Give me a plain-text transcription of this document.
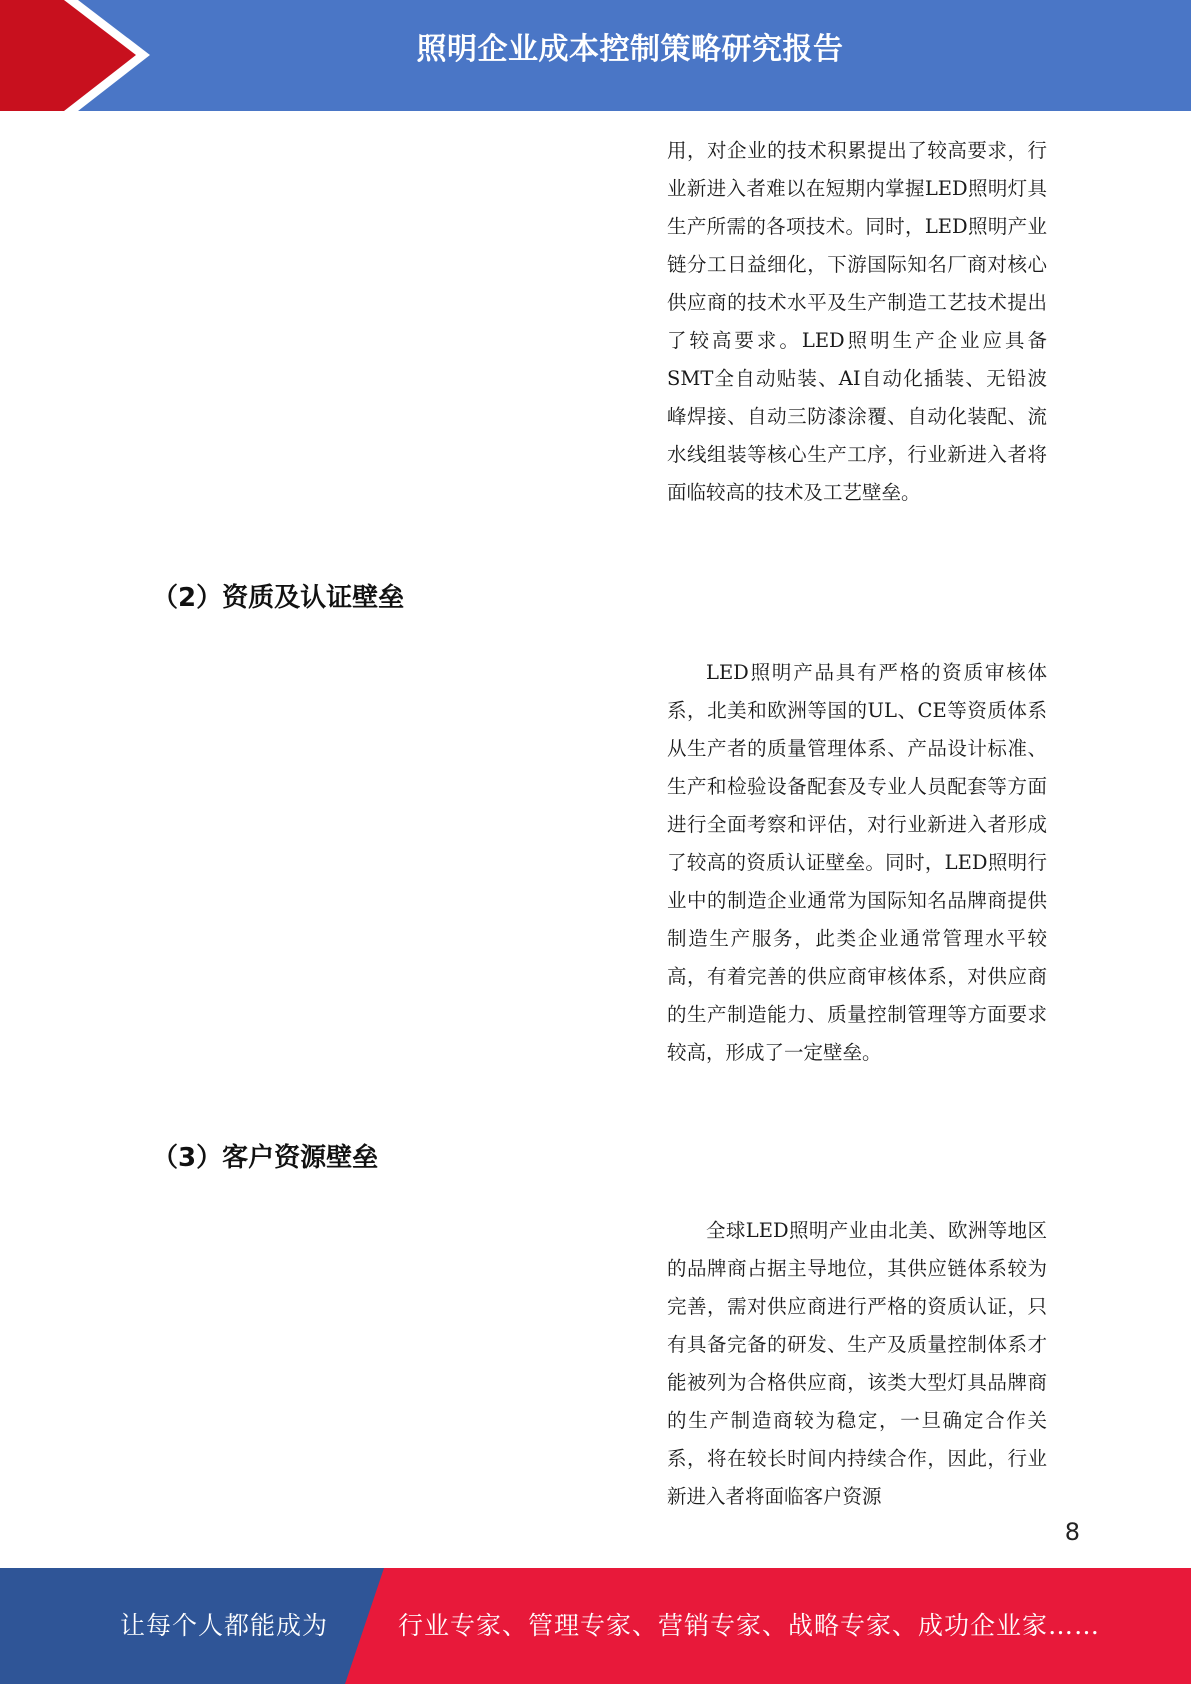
照明企业成本控制策略研究报告

用，对企业的技术积累提出了较高要求，行业新进入者难以在短期内掌握LED照明灯具生产所需的各项技术。同时，LED照明产业链分工日益细化，下游国际知名厂商对核心供应商的技术水平及生产制造工艺技术提出了较高要求。LED照明生产企业应具备SMT全自动贴装、AI自动化插装、无铅波峰焊接、自动三防漆涂覆、自动化装配、流水线组装等核心生产工序，行业新进入者将面临较高的技术及工艺壁垒。

（2）资质及认证壁垒

LED照明产品具有严格的资质审核体系，北美和欧洲等国的UL、CE等资质体系从生产者的质量管理体系、产品设计标准、生产和检验设备配套及专业人员配套等方面进行全面考察和评估，对行业新进入者形成了较高的资质认证壁垒。同时，LED照明行业中的制造企业通常为国际知名品牌商提供制造生产服务，此类企业通常管理水平较高，有着完善的供应商审核体系，对供应商的生产制造能力、质量控制管理等方面要求较高，形成了一定壁垒。

（3）客户资源壁垒

全球LED照明产业由北美、欧洲等地区的品牌商占据主导地位，其供应链体系较为完善，需对供应商进行严格的资质认证，只有具备完备的研发、生产及质量控制体系才能被列为合格供应商，该类大型灯具品牌商的生产制造商较为稳定，一旦确定合作关系，将在较长时间内持续合作，因此，行业新进入者将面临客户资源

8
让每个人都能成为	行业专家、管理专家、营销专家、战略专家、成功企业家……
